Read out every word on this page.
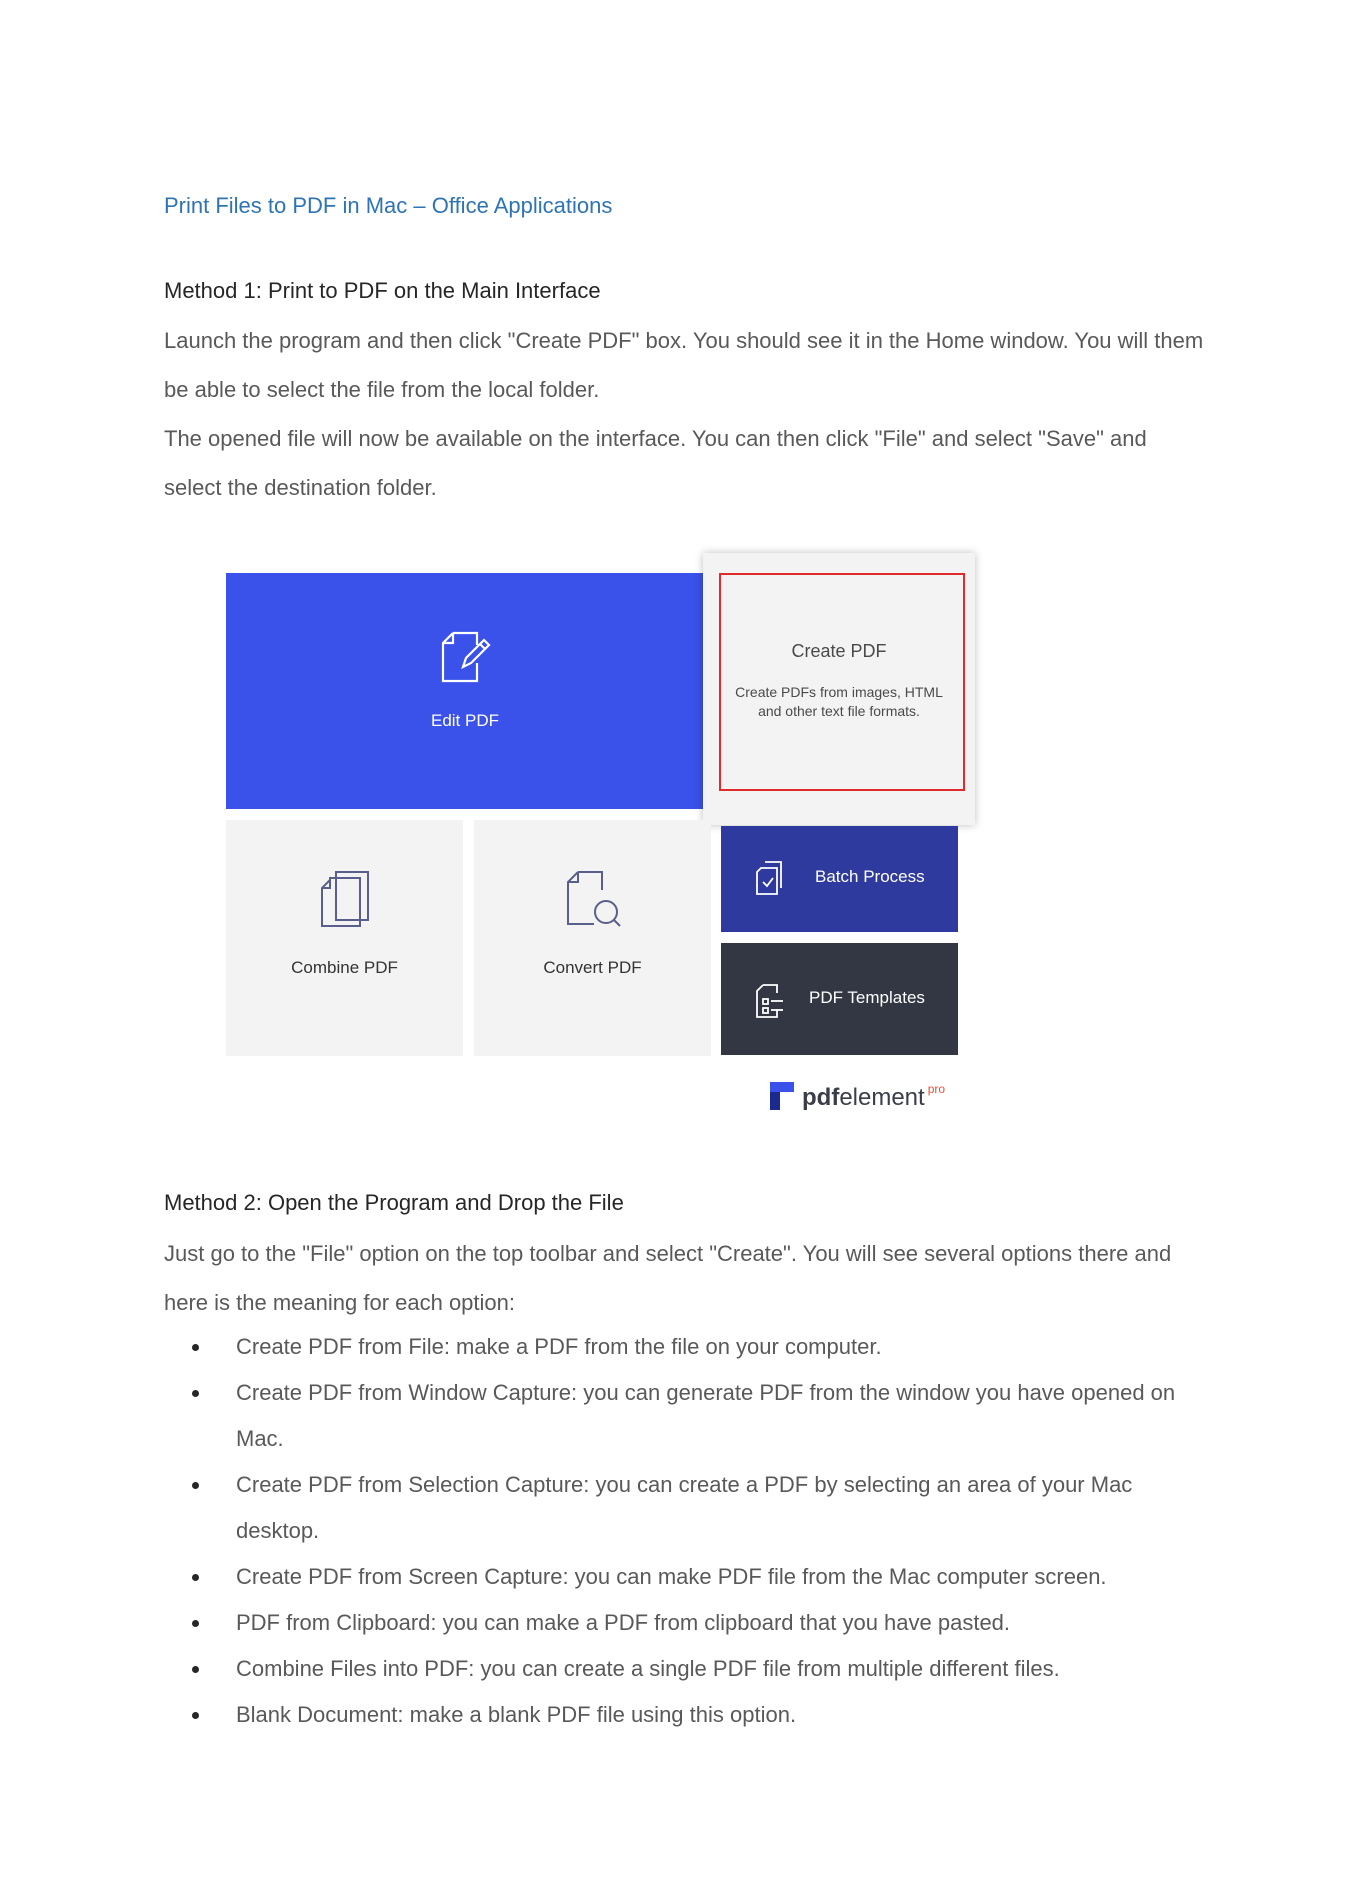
Print Files to PDF in Mac – Office Applications
Method 1: Print to PDF on the Main Interface

Launch the program and then click "Create PDF" box. You should see it in the Home window. You will them be able to select the file from the local folder.

The opened file will now be available on the interface. You can then click "File" and select "Save" and select the destination folder.

Edit PDF
Create PDF
Create PDFs from images, HTML and other text file formats.
Combine PDF	Convert PDF
Batch Process
PDF Templates
pdfelement pro
Method 2: Open the Program and Drop the File

Just go to the "File" option on the top toolbar and select "Create". You will see several options there and here is the meaning for each option:

Create PDF from File: make a PDF from the file on your computer.
Create PDF from Window Capture: you can generate PDF from the window you have opened on Mac.
Create PDF from Selection Capture: you can create a PDF by selecting an area of your Mac desktop.
Create PDF from Screen Capture: you can make PDF file from the Mac computer screen.
PDF from Clipboard: you can make a PDF from clipboard that you have pasted.
Combine Files into PDF: you can create a single PDF file from multiple different files.
Blank Document: make a blank PDF file using this option.
